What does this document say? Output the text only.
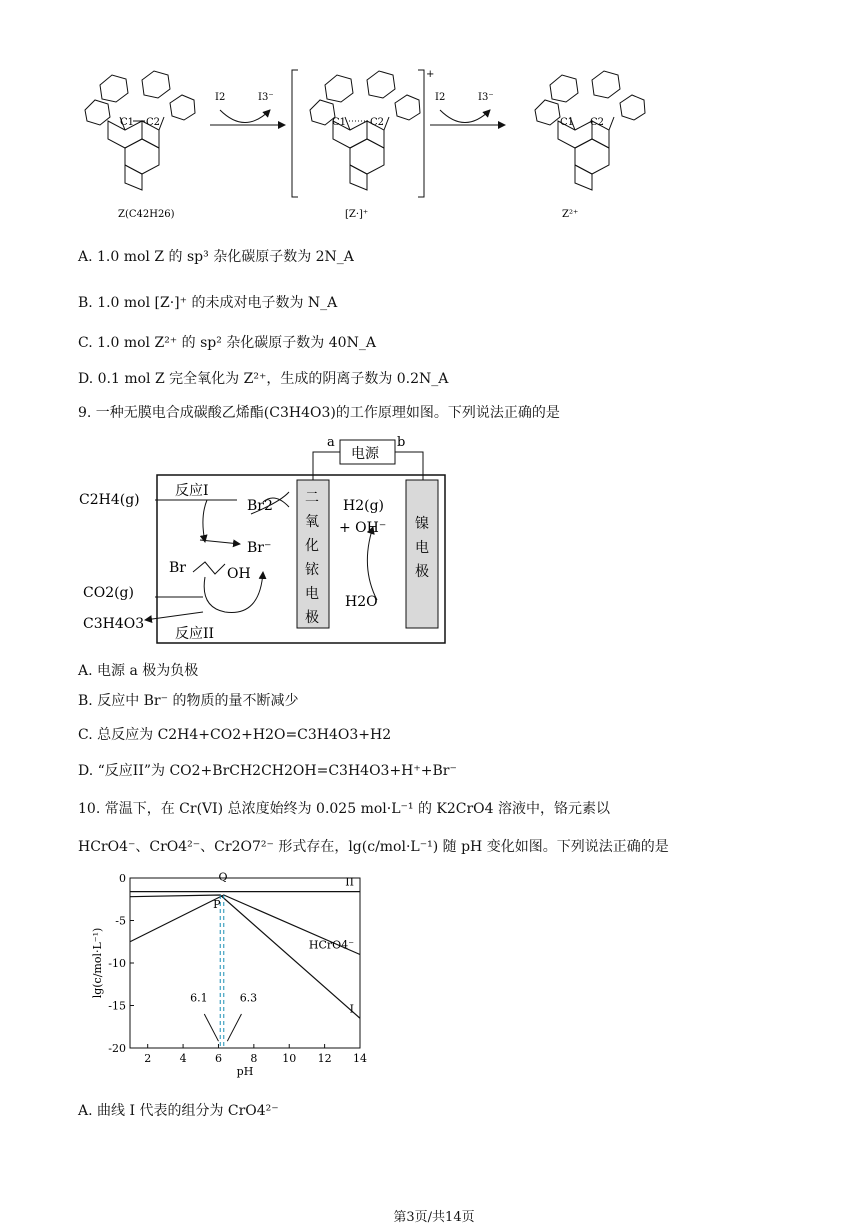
C1 C2
Z(C42H26)
I2	I3⁻
+
C1 C2
[Z·]⁺
I2	I3⁻
C1 C2
Z²⁺
A. 1.0 mol Z 的 sp³ 杂化碳原子数为 2N_A
B. 1.0 mol [Z·]⁺ 的未成对电子数为 N_A
C. 1.0 mol Z²⁺ 的 sp² 杂化碳原子数为 40N_A
D. 0.1 mol Z 完全氧化为 Z²⁺，生成的阴离子数为 0.2N_A
9. 一种无膜电合成碳酸乙烯酯(C3H4O3)的工作原理如图。下列说法正确的是
电源
a	b
二氧化铱电极
镍电极
C2H4(g)
反应I
Br2
Br⁻
Br	OH
CO2(g)
C3H4O3
反应II
H2(g)
+ OH⁻
H2O
A. 电源 a 极为负极
B. 反应中 Br⁻ 的物质的量不断减少
C. 总反应为 C2H4+CO2+H2O=C3H4O3+H2
D. “反应II”为 CO2+BrCH2CH2OH=C3H4O3+H⁺+Br⁻
10. 常温下，在 Cr(VI) 总浓度始终为 0.025 mol·L⁻¹ 的 K2CrO4 溶液中，铬元素以
HCrO4⁻、CrO4²⁻、Cr2O7²⁻ 形式存在，lg(c/mol·L⁻¹) 随 pH 变化如图。下列说法正确的是
2	4	6	8 10 12 14
0
-5
-10
-15
-20
pH
lg(c/mol·L⁻¹)
II
HCrO4⁻
I
P
Q
6.1	6.3
A. 曲线 I 代表的组分为 CrO4²⁻
第3页/共14页
